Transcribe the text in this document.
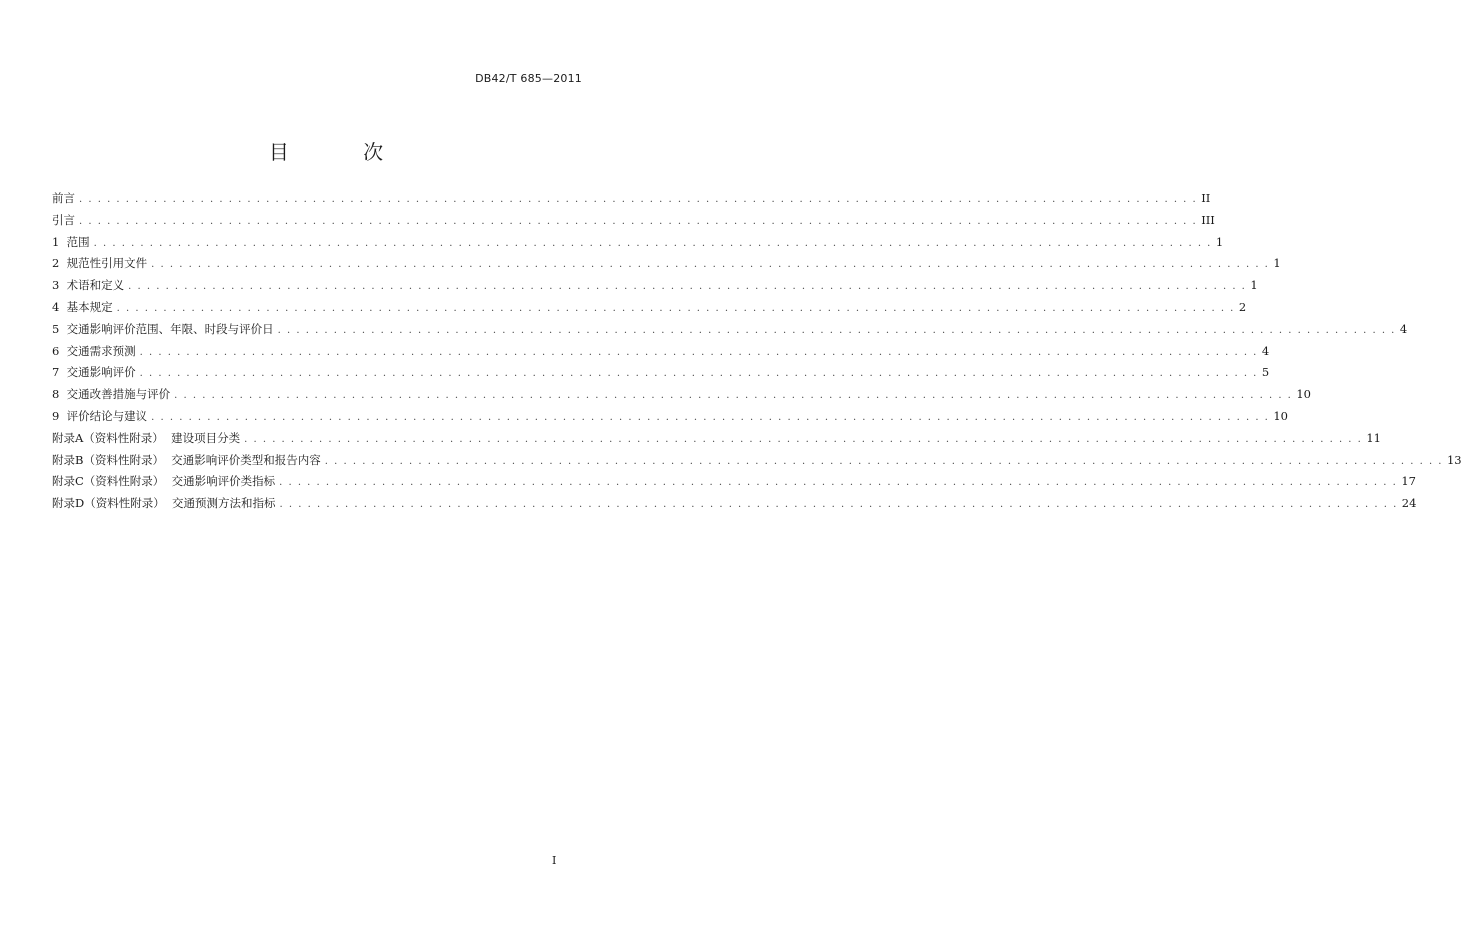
DB42/T 685—2011
目 次
前言 . . . . . . . . . . . . . . . . . . . . . . . . . . . . . . . . . . . . . . . . . . . . . . . . . . . . . . . . . . . . . . . . . . . . . . . . . . . . . . . . . . . . . . . . . . . . . . . . . . . . . . . . . . . . . . . . . . . . . . . . II
引言 . . . . . . . . . . . . . . . . . . . . . . . . . . . . . . . . . . . . . . . . . . . . . . . . . . . . . . . . . . . . . . . . . . . . . . . . . . . . . . . . . . . . . . . . . . . . . . . . . . . . . . . . . . . . . . . . . . . . . . . . III
1  范围 . . . . . . . . . . . . . . . . . . . . . . . . . . . . . . . . . . . . . . . . . . . . . . . . . . . . . . . . . . . . . . . . . . . . . . . . . . . . . . . . . . . . . . . . . . . . . . . . . . . . . . . . . . . . . . . . . . . . . . . . 1
2  规范性引用文件 . . . . . . . . . . . . . . . . . . . . . . . . . . . . . . . . . . . . . . . . . . . . . . . . . . . . . . . . . . . . . . . . . . . . . . . . . . . . . . . . . . . . . . . . . . . . . . . . . . . . . . . . . . . . . . . . . . . . . . . . 1
3  术语和定义 . . . . . . . . . . . . . . . . . . . . . . . . . . . . . . . . . . . . . . . . . . . . . . . . . . . . . . . . . . . . . . . . . . . . . . . . . . . . . . . . . . . . . . . . . . . . . . . . . . . . . . . . . . . . . . . . . . . . . . . . 1
4  基本规定 . . . . . . . . . . . . . . . . . . . . . . . . . . . . . . . . . . . . . . . . . . . . . . . . . . . . . . . . . . . . . . . . . . . . . . . . . . . . . . . . . . . . . . . . . . . . . . . . . . . . . . . . . . . . . . . . . . . . . . . . 2
5  交通影响评价范围、年限、时段与评价日 . . . . . . . . . . . . . . . . . . . . . . . . . . . . . . . . . . . . . . . . . . . . . . . . . . . . . . . . . . . . . . . . . . . . . . . . . . . . . . . . . . . . . . . . . . . . . . . . . . . . . . . . . . . . . . . . . . . . . . . . 4
6  交通需求预测 . . . . . . . . . . . . . . . . . . . . . . . . . . . . . . . . . . . . . . . . . . . . . . . . . . . . . . . . . . . . . . . . . . . . . . . . . . . . . . . . . . . . . . . . . . . . . . . . . . . . . . . . . . . . . . . . . . . . . . . . 4
7  交通影响评价 . . . . . . . . . . . . . . . . . . . . . . . . . . . . . . . . . . . . . . . . . . . . . . . . . . . . . . . . . . . . . . . . . . . . . . . . . . . . . . . . . . . . . . . . . . . . . . . . . . . . . . . . . . . . . . . . . . . . . . . . 5
8  交通改善措施与评价 . . . . . . . . . . . . . . . . . . . . . . . . . . . . . . . . . . . . . . . . . . . . . . . . . . . . . . . . . . . . . . . . . . . . . . . . . . . . . . . . . . . . . . . . . . . . . . . . . . . . . . . . . . . . . . . . . . . . . . . . 10
9  评价结论与建议 . . . . . . . . . . . . . . . . . . . . . . . . . . . . . . . . . . . . . . . . . . . . . . . . . . . . . . . . . . . . . . . . . . . . . . . . . . . . . . . . . . . . . . . . . . . . . . . . . . . . . . . . . . . . . . . . . . . . . . . . 10
附录A（资料性附录）  建设项目分类 . . . . . . . . . . . . . . . . . . . . . . . . . . . . . . . . . . . . . . . . . . . . . . . . . . . . . . . . . . . . . . . . . . . . . . . . . . . . . . . . . . . . . . . . . . . . . . . . . . . . . . . . . . . . . . . . . . . . . . . . 11
附录B（资料性附录）  交通影响评价类型和报告内容 . . . . . . . . . . . . . . . . . . . . . . . . . . . . . . . . . . . . . . . . . . . . . . . . . . . . . . . . . . . . . . . . . . . . . . . . . . . . . . . . . . . . . . . . . . . . . . . . . . . . . . . . . . . . . . . . . . . . . . . . 13
附录C（资料性附录）  交通影响评价类指标 . . . . . . . . . . . . . . . . . . . . . . . . . . . . . . . . . . . . . . . . . . . . . . . . . . . . . . . . . . . . . . . . . . . . . . . . . . . . . . . . . . . . . . . . . . . . . . . . . . . . . . . . . . . . . . . . . . . . . . . . 17
附录D（资料性附录）  交通预测方法和指标 . . . . . . . . . . . . . . . . . . . . . . . . . . . . . . . . . . . . . . . . . . . . . . . . . . . . . . . . . . . . . . . . . . . . . . . . . . . . . . . . . . . . . . . . . . . . . . . . . . . . . . . . . . . . . . . . . . . . . . . . 24
I
